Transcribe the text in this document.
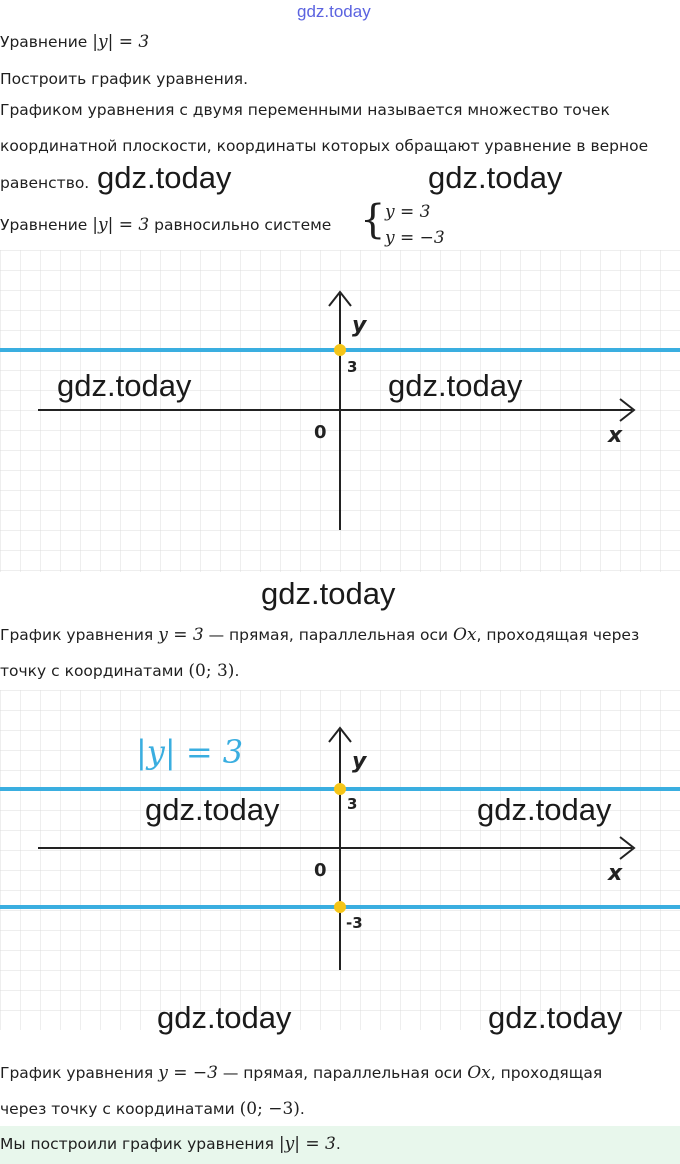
gdz.today
Уравнение |y| = 3
Построить график уравнения.
Графиком уравнения с двумя переменными называется множество точек
координатной плоскости, координаты которых обращают уравнение в верное
равенство. gdz.today	gdz.today
Уравнение |y| = 3 равносильно системе { y = 3
y = −3
y
x
0
3
gdz.today	gdz.today
gdz.today
График уравнения y = 3 — прямая, параллельная оси Ox, проходящая через
точку с координатами (0; 3).
|y| = 3	y
x
0
3
-3
gdz.today	gdz.today
gdz.today	gdz.today
График уравнения y = −3 — прямая, параллельная оси Ox, проходящая
через точку с координатами (0; −3).
Мы построили график уравнения |y| = 3.
